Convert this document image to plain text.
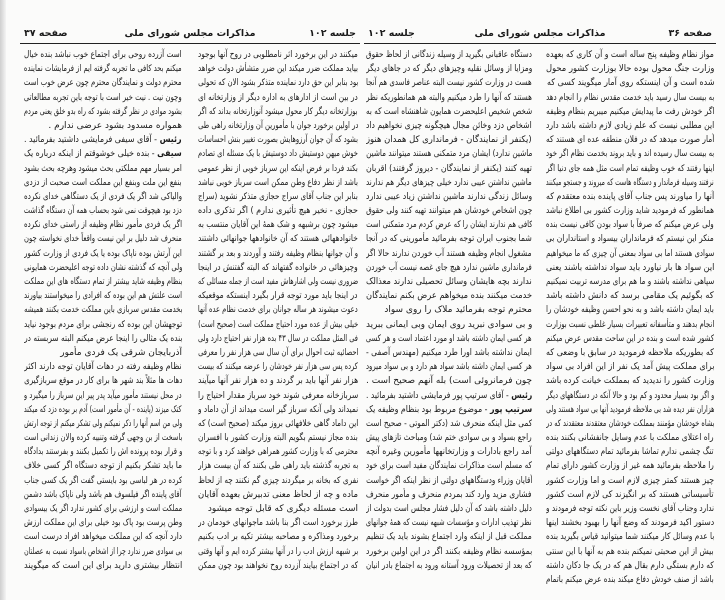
جلسه ۱۰۲
مذاکرات مجلس شورای ملی
صفحه ۳۷
میکنند در این برخورد اثر نامطلوبی در روح آنها بوجود
بیاید مملکت ضرر میکند این ضرر متشأش دولت خواهد
بود بنابر این حق دارد نماینده متذکر بشود الان که تحولی
در بین است از ادارهای به اداره دیگر از وزارتخانه ای
بوزارتخانه دیگر کار محول میشود آنوزارتخانه بداند که اگر
در اولین برخورد جوان با مأمورین آن وزارتخانه راهی طی
بشود که آن جوان آرزوهایش بصورت تغییر بنش احساسات
خوش میهن دوستیش داد دوستیش با یک مسئله ای تصادم
بکند فردا بر فرض اینکه این سرباز خوبی از نظر عمومی
باشد از نظر دفاع وطن ممکن است سرباز خوبی نباشد
بنابر این جناب آقای سراج حجازی متذکر نشوید (سراج
حجازی - نخیر هیچ تأثیری ندارم ) اگر تذکری داده
میشود چون برشبهه و شک همهٔ این آقایان منتسب به
خانوادههائی هستند که آن خانوادهها جوانهائی داشتند
و آن جوانها بنظام وظیفه رفتند و آوردند و بعد بر گشتند
وچیزهائی در خانواده گفتهاند که البته گفتنش در اینجا
ضروری نیست ولی اشارهاش مفید است از جمله مسائلی که
در اینجا باید مورد توجه قرار بگیرد اینستکه موقعیکه
دعوت میشوند هر ساله جوانان برای خدمت نظام عده آنها
خیلی بیش از عده مورد احتیاج مملکت است (صحیح است)
فی المثل مملکت در سال ۴۳ بده هزار نفر احتیاج دارد ولی
احصائیه ثبت احوال برای آن سال سی هزار نفر را معرفی
کرده پس سی هزار نفر خودشان را عرضه میکنند که بیست
هزار نفر آنها باید بر گردند و ده هزار نفر آنها میآیند
سربازخانه معرفی شوند خود سرباز مقدار احتیاج را
نمیداند ولی آنکه سرباز گیر است میداند از آن داماد و
این داماد گاهی خلافهائی بروز میکند (صحیح است) که
بنده مجاز نیستم بگویم البته وزارت کشور با افسران
محترمی که با وزارت کشور همراهی خواهند کرد و با توجه
به تجربه گذشته باید راهی طی بکنند که آن بیست هزار
نفری که بخانه بر میگردند چیزی گم نکنند چه از لحاظ
ماده و چه از لحاظ معنی تدبیرش بعهده آقایان
است مسئله دیگری که قابل توجه میشود
طرز برخورد است اگر بنا باشد ماجوانهای خودمان در
برخورد ومذاکره و مصاحبه بیشتر تکیه بر ادب بکنیم
بر شبهه ارزش ادب را در آنها بیشتر کرده ایم و آنها وقتی
که در اجتماع بیایند آزرده روح نخواهند بود چون ممکن
است آزرده روحی برای اجتماع خوب نباشد بنده خیال
میکنم بحد کافی ما تجربه گرفته ایم از فرمایشات نماینده
محترم دولت و نمایندگان محترم چون عرض خوب است
وچون نیت . نیت خیر است با توجه باین تجربه مطالعاتی
بشود موادی در نظر گرفته بشود که راه بدو خلق یعنی مردم
همواره مسدود بشود عرضی ندارم .
رئیس - آقای سیفی فرمایشی داشتید بفرمائید .
سیفی - بنده خیلی خوشوقتم از اینکه درباره یک
امر بسیار مهم مملکتی بحث میشود وهرچه بحث بشود
بنفع این ملت وبنفع این مملکت است صحبت از دزدی
والیاکی شد اگر یک فردی از یک دستگاهی خدای نکرده
دزد بود هیچوقت نمی شود بحساب همه آن دستگاه گذاشت
اگر یک فردی مأمور نظام وظیفه از راستی خدای نکرده
منحرف شد دلیل بر این نیست واقعاً خدای نخواسته چون
این آرتش بوده ناپاک بوده یا یک فردی از وزارت کشور
ولی آنچه که گذشته نشان داده توجه اعلیحضرت همایونی
بنظام وظیفه شاید بیشتر از تمام دستگاه های این مملکت
است علتش هم این بوده که افرادی را میخواستند بیاورند
بخدمت مقدس سربازی باین مملکت خدمت بکنند همیشه
توجهشان این بوده که رنجشی برای مردم بوجود نیاید
بنده یک مثالی را اینجا عرض میکنم البته سربسته در
آذربایجان شرقی یک فردی مأمور
نظام وظیفه رفته در دهات آقایان توجه دارند اکثر
دهات ها مثلاً بند شهر ها برای کار در موقع سربازگیری
در محل نیستند مأمور میآید پدر پیر این سرباز را میگیرد و
کتک میزند (پاینده - آن مأمور است) آدم بر بوده دزد که میکند
ولی من اسم آنها را ذکر نمیکنم ولی تشکر میکنم از توجه ارتش
باسخت از بن وجهی گرفته وتنبیه کرده والان زندانی است
و قرار بوده پرونده اش را تکمیل بکنند و بفرستند بدادگاه
ما باید تشکر بکنیم از توجه دستگاه اگر کسی خلاف
کرده در هر لباسی بود بایستی گفت اگر یک کسی جناب
آقای پاینده اگر فیلسوف هم باشد ولی ناپاک باشد دشمن
مملکت است و ارزشی برای کشور ندارد اگر یک بیسوادی
وطن پرست بود پاک بود خیلی برای این مملکت ارزش
دارد آنچه که این مملکت میخواهد افراد درست است
بی سوادی ضرر ندارد چرا از اشخاص باسواد نسبت به عصلتان
انتظار بیشتری دارید برای این است که میگویند
صفحه ۳۶
مذاکرات مجلس شورای ملی
جلسه ۱۰۲
مواز نظام وظیفه پنج ساله است و آن کاری که بعهده
وزارت جنگ محول بوده حالا بوزارت کشور محول
شده است و آن اینستکه روی آمار میگویند کسی که
به بیست سال رسید باید خدمت مقدس نظام را انجام دهد
اگر خودش رفت ما پیدایش میکنیم میبریم بنظام وظیفه
این مطلبی نیست که علم زیادی لازم داشته باشد دارد
آمار صورت میدهد که در فلان منطقه عده ای هستند که
به بیست سال رسیده اند و باید بروند بخدمت نظام اگر خود
اینها رفتند که خوب وظیفه تمام است مثل همه جای دنیا اگر
نرفتند وسیله فرماندار و دستگاه هاست که میروند و جستجو میکنند
آنها را میاورند پس جناب آقای پاینده بنده معتقدم که
همانطور که فرمودید شاید وزارت کشور بی اطلاع نباشد
ولی عرض میکنم که صرفاً با سواد بودن کافی نیست بنده
منکر این نیستم که فرمانداران بیسواد و استانداران بی
سوادی هستند اما بی سواد بمعنی آن چیزی که ما میخواهیم
این سواد ها بار نیاورد باید سواد نداشته باشند یعنی
سپاهی نداشته باشند و ما هم برای مدرسه تربیت نمیکنیم
که بگوئیم یک مقامی برسد که دانش داشته باشد
باید ایمان داشته باشد و به نحو احسن وظیفه خودشان را
انجام بدهند و متأسفانه تعبیرات بسیار غلطی نسبت بوزارت
کشور شده است و بنده در این ساحت مقدس عرض میکنم
که بطوریکه ملاحظه فرمودید در سابق با وضعی که
برای مملکت پیش آمد یک نفر از این افراد بی سواد
وزارت کشور را ندیدید که بمملکت خیانت کرده باشد
و اگر بود بسیار محدود و کم بود و حالا آنکه در دستگاههای دیگر
هزاران نفر دیده شد بی ملاحظه فرمودید آنها بی سواد هستند ولی
بشاه خودشان مؤمنند بمملکت خودشان معتقدند معتقدند که در
راه اعتلای مملکت با عدم وسایل جانفشانی بکنند بنده
تنگ چشمی ندارم تماشا بفرمائید تمام دستگاههای دولتی
را ملاحظه بفرمائید همه غیر از وزارت کشور دارای تمام
چیز هستند کمتر چیزی لازم است و اما وزارت کشور
تأسیساتی هستند که بر انگیزند کی لازم است کشور
ندارد وجناب آقای نخست وزیر باین نکته توجه فرمودند و
دستور اکید فرمودند که وضع آنها را بهبود بخشند اینها
با عدم وسائل کار میکنند شما میتوانید قیاس بگیرید بنده
بیش از این صحبتی نمیکنم بنده هم به آنها با این سنتی
که دارم بستگی دارم بقال هم که در یک جا دکان داشته
باشد از صنف خودش دفاع میکند بنده عرض میکنم باتمام
دستگاه عاقبانی بگیرید از وسیله زندگانی از لحاظ حقوق
ومزایا از وسائل نقلیه وچیزهای دیگر که در جاهای دیگر
هست در وزارت کشور نیست البته عناصر فاسدی هم آنجا
هستند که آنها را طرد میکنیم والبته هم همانطوریکه نظر
شخص شخیص اعلیحضرت همایون شاهنشاه است که به
اشخاص دزد وخائن مجال هیچگونه چیزی نخواهیم داد
(یکنفر از نمایندگان - فرمانداری کل همدان هنوز
ماشین ندارد) ایشان مرد متمکنی هستند میتوانند ماشین
تهیه کنند (یکنفر از نمایندگان - دیروز گرفتند) اقربان
ماشین نداشتن عیبی ندارد خیلی چیزهای دیگر هم ندارند
وسائل زندگی ندارند ماشین نداشتن زیاد عیبی ندارد
چون اشخاص خودشان هم میتوانند تهیه کنند ولی حقوق
کافی هم ندارند ایشان را که عرض کردم مرد متمکنی است
شما بجنوب ایران توجه بفرمائید مأمورینی که در آنجا
مشغول انجام وظیفه هستند آب خوردن ندارند حالا اگر
فرمانداری ماشین ندارد هیچ جای غصه نیست آب خوردن
ندارند بچه هایشان وسائل تحصیلی ندارند معذالک
خدمت میکنند بنده میخواهم عرض بکنم نمایندگان
محترم توجه بفرمائید ملاک را روی سواد
و بی سوادی نبرید روی ایمان وبی ایمانی ببرید
هر کسی ایمان داشته باشد او مورد اعتماد است و هر کسی
ایمان نداشته باشد اورا طرد میکنیم (مهندس آصفی -
هر کسی ایمان داشته باشد سواد هم دارد و بی سواد میرود
چون فرمانروئی است) بله آنهم صحیح است .
رئیس - آقای سرتیپ پور فرمایشی داشتید بفرمائید .
سرتیپ پور - موضوع مربوط بود بنظام وظیفه یک
کمی مثل اینکه منحرف شد (دکتر الموتی - صحیح است
راجع بسواد و بی سوادی ختم شد) ومباحث تازهای پیش
آمد راجع بادارات و وزارتخانهها مأمورین وغیره آنچه
که مسلم است مذاکرات نمایندگان مفید است برای خود
آقایان وزراء ودستگاههای دولتی از نظر اینکه اگر خواست
فشاری مزید وارد کند بمردم منحرف و مأمور منحرف
دلیل داشته باشد که آن دلیل فشار مجلس است بدولت از
نظر تهذیب ادارات و مؤسسات شبهه نیست که همهٔ جوانهای
مملکت قبل از اینکه وارد اجتماع بشوند باید یک تنظیم
بمؤسسه نظام وظیفه بکنند اگر در این اولین برخورد
که بعد از تحصیلات ورود آستانه ورود به اجتماع بادر انیان
